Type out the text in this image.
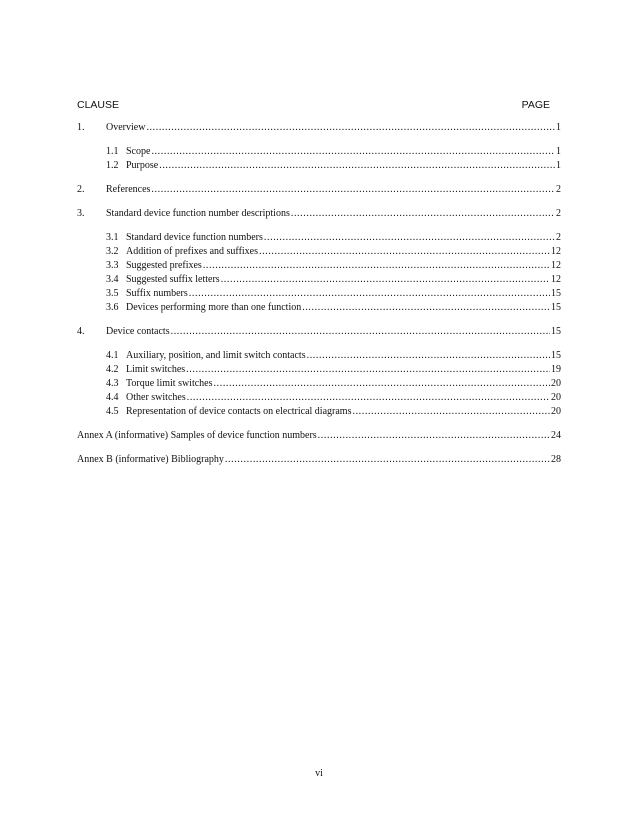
CLAUSE	PAGE
1.	Overview .....	1
1.1 Scope .....	1
1.2 Purpose .....	1
2.	References .....	2
3.	Standard device function number descriptions .....	2
3.1 Standard device function numbers .....	2
3.2 Addition of prefixes and suffixes .....	12
3.3 Suggested prefixes .....	12
3.4 Suggested suffix letters .....	12
3.5 Suffix numbers .....	15
3.6 Devices performing more than one function .....	15
4.	Device contacts .....	15
4.1 Auxiliary, position, and limit switch contacts .....	15
4.2 Limit switches .....	19
4.3 Torque limit switches .....	20
4.4 Other switches .....	20
4.5 Representation of device contacts on electrical diagrams .....	20
Annex A (informative) Samples of device function numbers .....	24
Annex B (informative) Bibliography .....	28
vi
